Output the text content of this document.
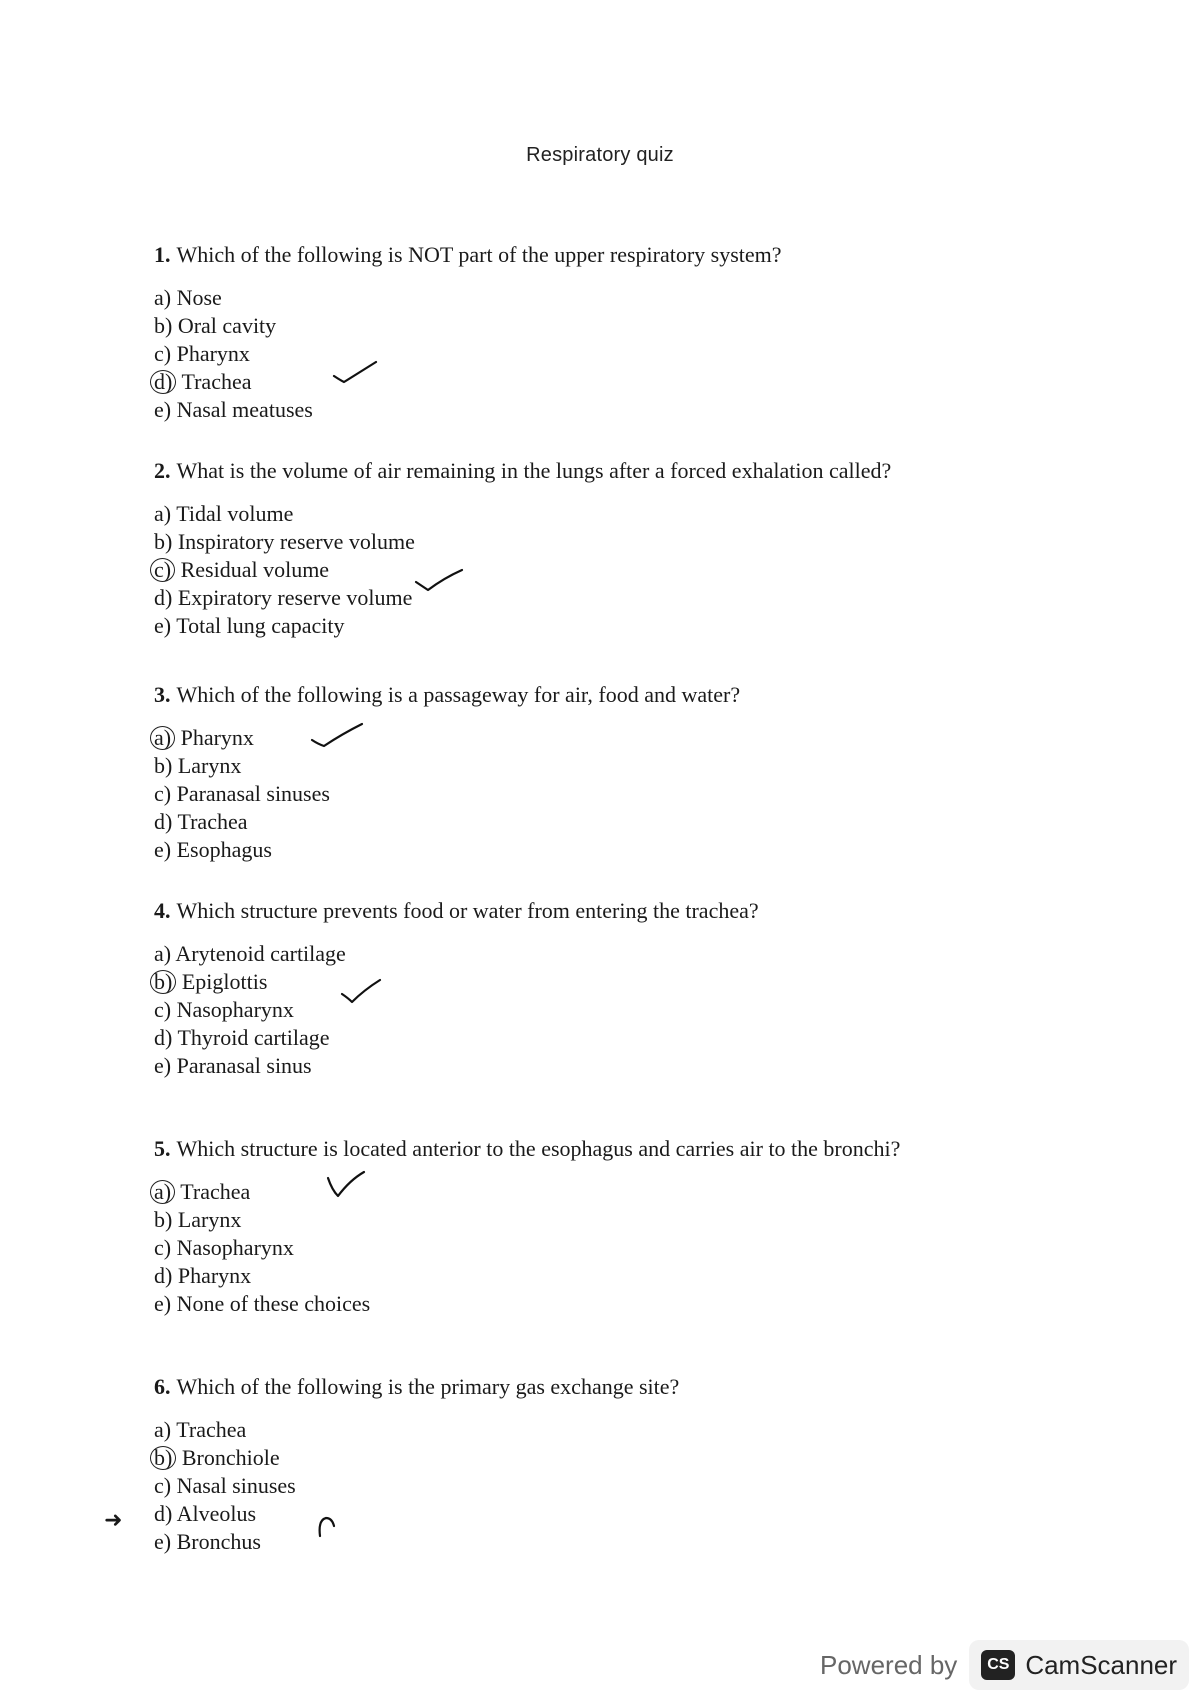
Respiratory quiz
1. Which of the following is NOT part of the upper respiratory system?
a) Nose
b) Oral cavity
c) Pharynx
d) Trachea
e) Nasal meatuses
2. What is the volume of air remaining in the lungs after a forced exhalation called?
a) Tidal volume
b) Inspiratory reserve volume
c) Residual volume
d) Expiratory reserve volume
e) Total lung capacity
3. Which of the following is a passageway for air, food and water?
a) Pharynx
b) Larynx
c) Paranasal sinuses
d) Trachea
e) Esophagus
4. Which structure prevents food or water from entering the trachea?
a) Arytenoid cartilage
b) Epiglottis
c) Nasopharynx
d) Thyroid cartilage
e) Paranasal sinus
5. Which structure is located anterior to the esophagus and carries air to the bronchi?
a) Trachea
b) Larynx
c) Nasopharynx
d) Pharynx
e) None of these choices
6. Which of the following is the primary gas exchange site?
a) Trachea
b) Bronchiole
c) Nasal sinuses
d) Alveolus
e) Bronchus
➜
Powered by	CS CamScanner
